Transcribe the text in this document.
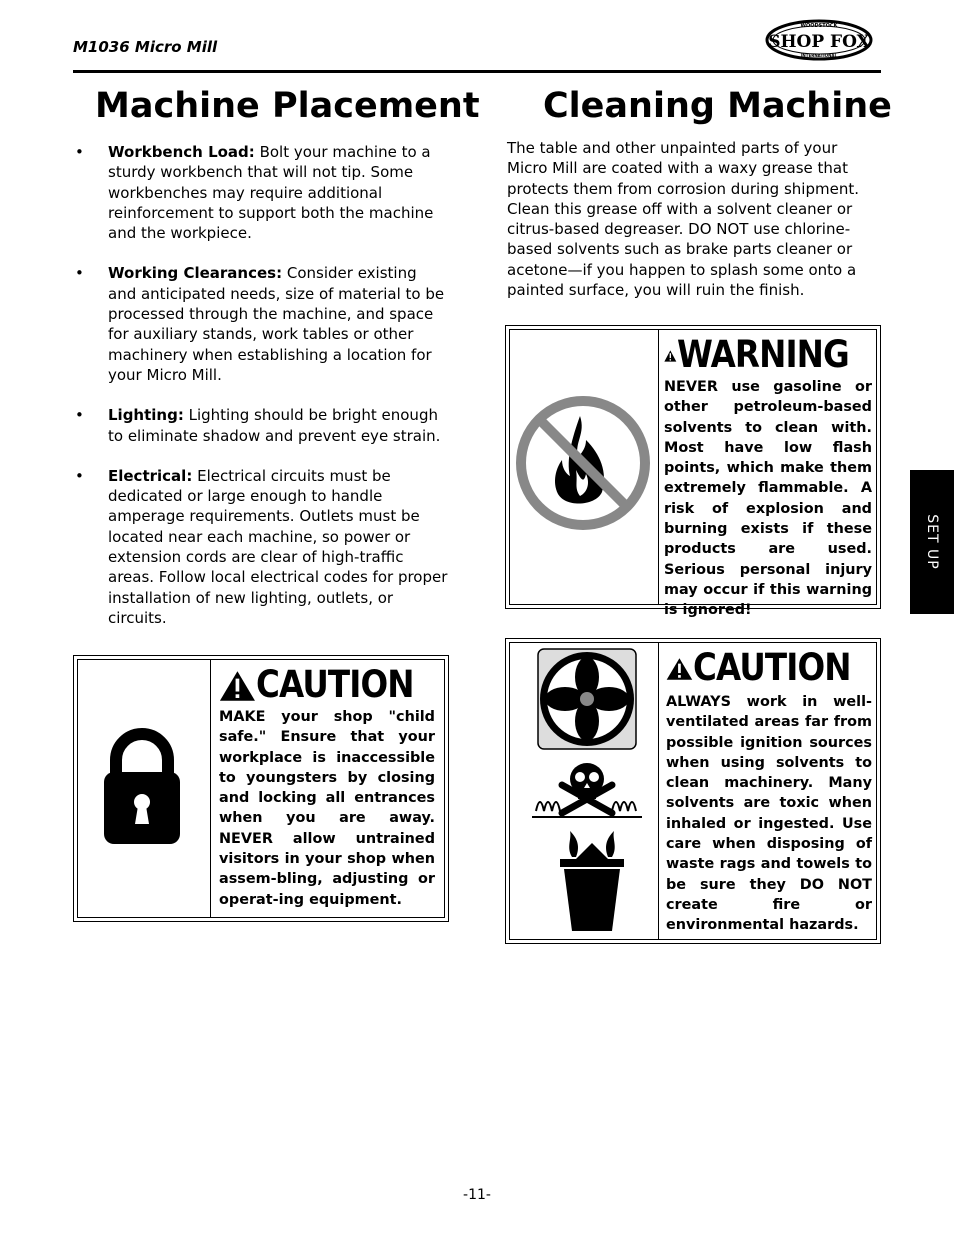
M1036 Micro Mill
WOODSTOCK
SHOP FOX
INTERNATIONAL
Machine Placement Cleaning Machine
• Workbench Load: Bolt your machine to a sturdy workbench that will not tip. Some workbenches may require additional reinforcement to support both the machine and the workpiece.
• Working Clearances: Consider existing and anticipated needs, size of material to be processed through the machine, and space for auxiliary stands, work tables or other machinery when establishing a location for your Micro Mill.
• Lighting: Lighting should be bright enough to eliminate shadow and prevent eye strain.
• Electrical: Electrical circuits must be dedicated or large enough to handle amperage requirements. Outlets must be located near each machine, so power or extension cords are clear of high-traffic areas. Follow local electrical codes for proper installation of new lighting, outlets, or circuits.

The table and other unpainted parts of your Micro Mill are coated with a waxy grease that protects them from corrosion during shipment. Clean this grease off with a solvent cleaner or citrus-based degreaser. DO NOT use chlorine-based solvents such as brake parts cleaner or acetone—if you happen to splash some onto a painted surface, you will ruin the finish.

CAUTION
MAKE your shop "child safe." Ensure that your workplace is inaccessible to youngsters by closing and locking all entrances when you are away. NEVER allow untrained visitors in your shop when assem-bling, adjusting or operat-ing equipment.
WARNING
NEVER use gasoline or other petroleum-based solvents to clean with. Most have low flash points, which make them extremely flammable. A risk of explosion and burning exists if these products are used. Serious personal injury may occur if this warning is ignored!
CAUTION
ALWAYS work in well-ventilated areas far from possible ignition sources when using solvents to clean machinery. Many solvents are toxic when inhaled or ingested. Use care when disposing of waste rags and towels to be sure they DO NOT create fire or environmental hazards.
SET UP
-11-
